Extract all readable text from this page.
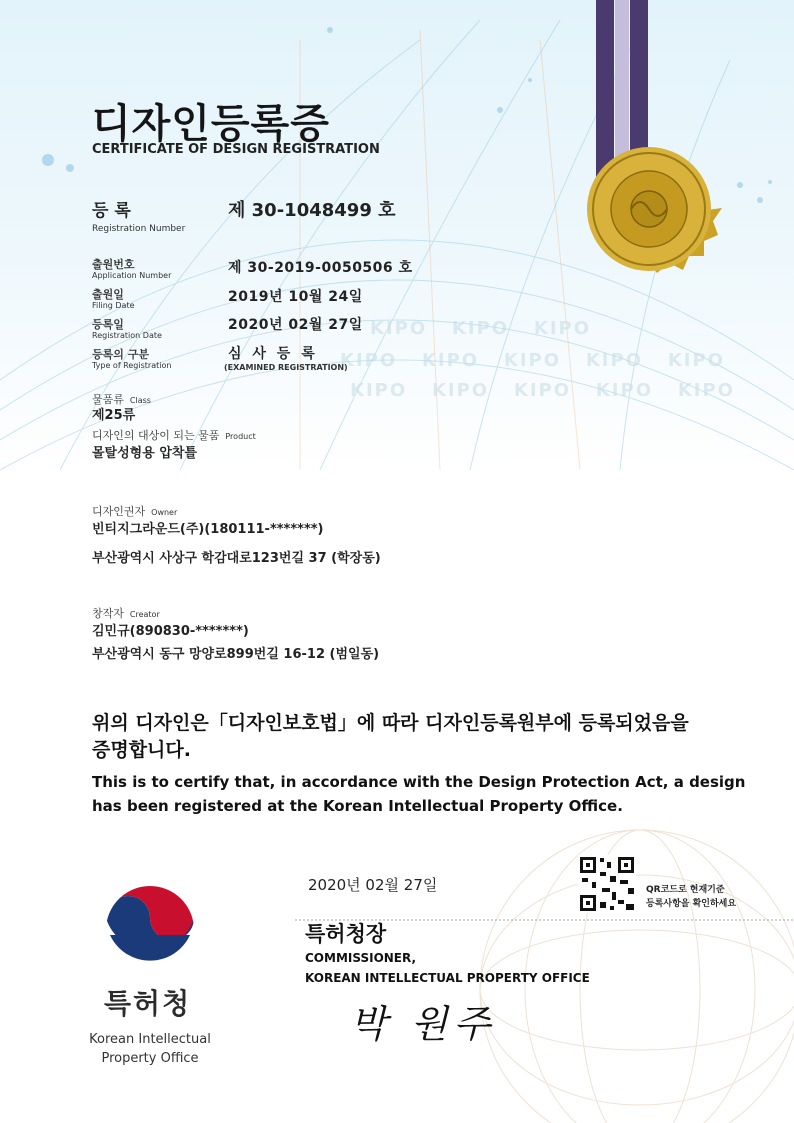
KIPO KIPO KIPO
KIPO KIPO KIPO KIPO KIPO
KIPO KIPO KIPO KIPO KIPO
디자인등록증
CERTIFICATE OF DESIGN REGISTRATION
등 록
Registration Number
제 30-1048499 호
출원번호
Application Number	제 30-2019-0050506 호
출원일
Filing Date
2019년 10월 24일
등록일
Registration Date
2020년 02월 27일
등록의 구분
Type of Registration
심 사 등 록
(EXAMINED REGISTRATION)
물품류 Class
제25류
디자인의 대상이 되는 물품 Product
몰탈성형용 압착틀
디자인권자 Owner
빈티지그라운드(주)(180111-*******)
부산광역시 사상구 학감대로123번길 37 (학장동)
창작자 Creator
김민규(890830-*******)
부산광역시 동구 망양로899번길 16-12 (범일동)
위의 디자인은「디자인보호법」에 따라 디자인등록원부에 등록되었음을
증명합니다.
This is to certify that, in accordance with the Design Protection Act, a design
has been registered at the Korean Intellectual Property Office.
2020년 02월 27일
특허청장
COMMISSIONER,
KOREAN INTELLECTUAL PROPERTY OFFICE
박 원주
QR코드로 현재기준
등록사항을 확인하세요
특허청
Korean Intellectual
Property Office
